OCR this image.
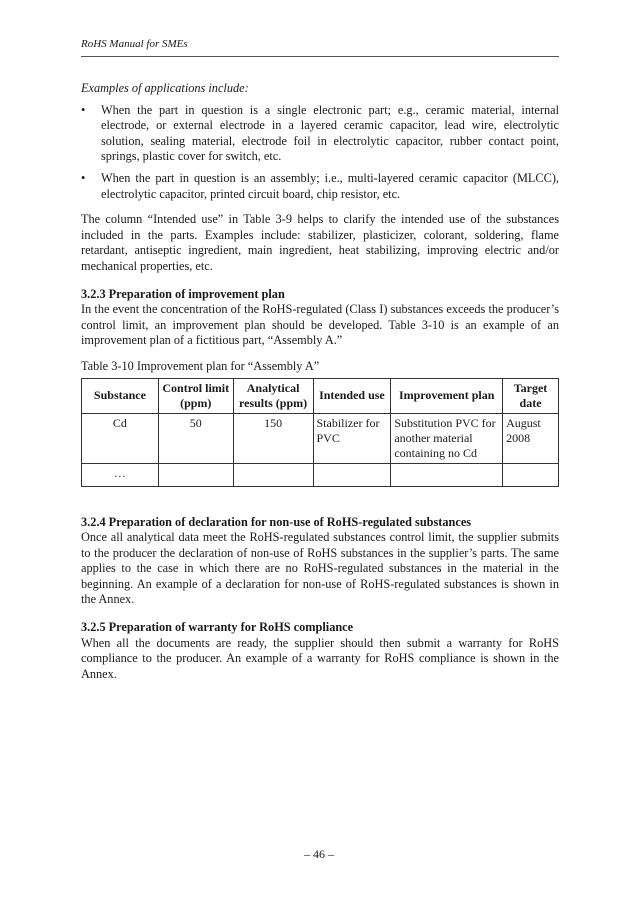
RoHS Manual for SMEs
Examples of applications include:
• When the part in question is a single electronic part; e.g., ceramic material, internal electrode, or external electrode in a layered ceramic capacitor, lead wire, electrolytic solution, sealing material, electrode foil in electrolytic capacitor, rubber contact point, springs, plastic cover for switch, etc.
• When the part in question is an assembly; i.e., multi-layered ceramic capacitor (MLCC), electrolytic capacitor, printed circuit board, chip resistor, etc.

The column “Intended use” in Table 3-9 helps to clarify the intended use of the substances included in the parts. Examples include: stabilizer, plasticizer, colorant, soldering, flame retardant, antiseptic ingredient, main ingredient, heat stabilizing, improving electric and/or mechanical properties, etc.

3.2.3 Preparation of improvement plan

In the event the concentration of the RoHS-regulated (Class I) substances exceeds the producer’s control limit, an improvement plan should be developed. Table 3-10 is an example of an improvement plan of a fictitious part, “Assembly A.”

Table 3-10 Improvement plan for “Assembly A”
Substance	Control limit (ppm)	Analytical results (ppm)	Intended use	Improvement plan	Target date
Cd	50	150	Stabilizer for PVC	Substitution PVC for another material containing no Cd	August 2008
…					
3.2.4 Preparation of declaration for non-use of RoHS-regulated substances

Once all analytical data meet the RoHS-regulated substances control limit, the supplier submits to the producer the declaration of non-use of RoHS substances in the supplier’s parts. The same applies to the case in which there are no RoHS-regulated substances in the material in the beginning. An example of a declaration for non-use of RoHS-regulated substances is shown in the Annex.

3.2.5 Preparation of warranty for RoHS compliance

When all the documents are ready, the supplier should then submit a warranty for RoHS compliance to the producer. An example of a warranty for RoHS compliance is shown in the Annex.

– 46 –
